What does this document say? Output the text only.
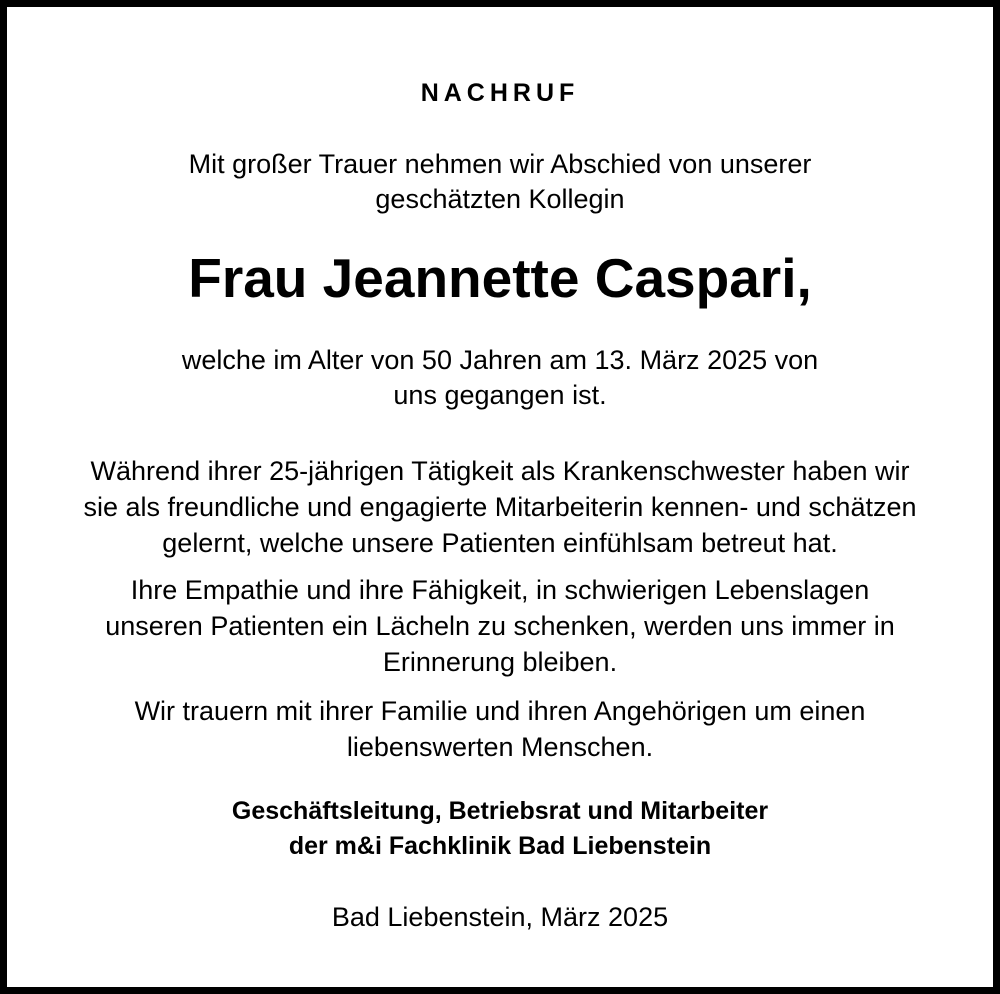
NACHRUF
Mit großer Trauer nehmen wir Abschied von unserer
geschätzten Kollegin
Frau Jeannette Caspari,
welche im Alter von 50 Jahren am 13. März 2025 von
uns gegangen ist.
Während ihrer 25-jährigen Tätigkeit als Krankenschwester haben wir
sie als freundliche und engagierte Mitarbeiterin kennen- und schätzen
gelernt, welche unsere Patienten einfühlsam betreut hat.
Ihre Empathie und ihre Fähigkeit, in schwierigen Lebenslagen
unseren Patienten ein Lächeln zu schenken, werden uns immer in
Erinnerung bleiben.
Wir trauern mit ihrer Familie und ihren Angehörigen um einen
liebenswerten Menschen.
Geschäftsleitung, Betriebsrat und Mitarbeiter
der m&i Fachklinik Bad Liebenstein
Bad Liebenstein, März 2025
